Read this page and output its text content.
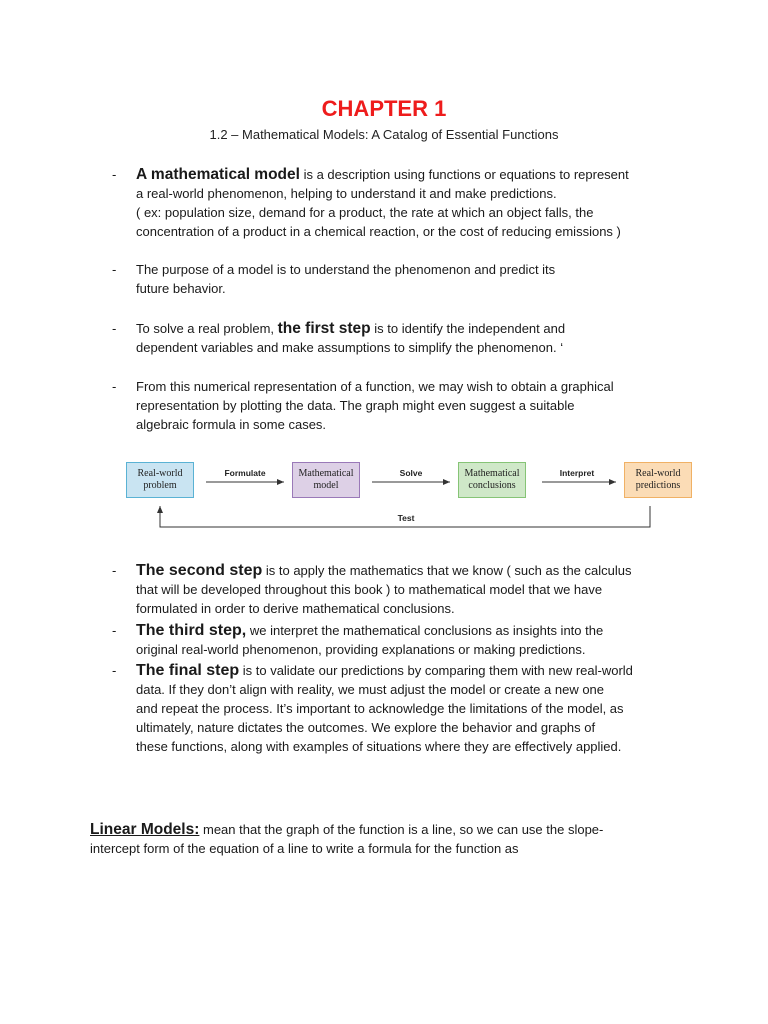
CHAPTER 1
1.2 – Mathematical Models: A Catalog of Essential Functions
-	A mathematical model is a description using functions or equations to represent
a real-world phenomenon, helping to understand it and make predictions.
( ex: population size, demand for a product, the rate at which an object falls, the
concentration of a product in a chemical reaction, or the cost of reducing emissions )
-	The purpose of a model is to understand the phenomenon and predict its
future behavior.
-	To solve a real problem, the first step is to identify the independent and
dependent variables and make assumptions to simplify the phenomenon. ‘
-	From this numerical representation of a function, we may wish to obtain a graphical
representation by plotting the data. The graph might even suggest a suitable
algebraic formula in some cases.
Real-world
problem
Mathematical
model
Mathematical
conclusions
Real-world
predictions
Formulate	Solve	Interpret
Test
-	The second step is to apply the mathematics that we know ( such as the calculus
that will be developed throughout this book ) to mathematical model that we have
formulated in order to derive mathematical conclusions.
-	The third step, we interpret the mathematical conclusions as insights into the
original real-world phenomenon, providing explanations or making predictions.
-	The final step is to validate our predictions by comparing them with new real-world
data. If they don’t align with reality, we must adjust the model or create a new one
and repeat the process. It’s important to acknowledge the limitations of the model, as
ultimately, nature dictates the outcomes. We explore the behavior and graphs of
these functions, along with examples of situations where they are effectively applied.
Linear Models: mean that the graph of the function is a line, so we can use the slope-
intercept form of the equation of a line to write a formula for the function as
